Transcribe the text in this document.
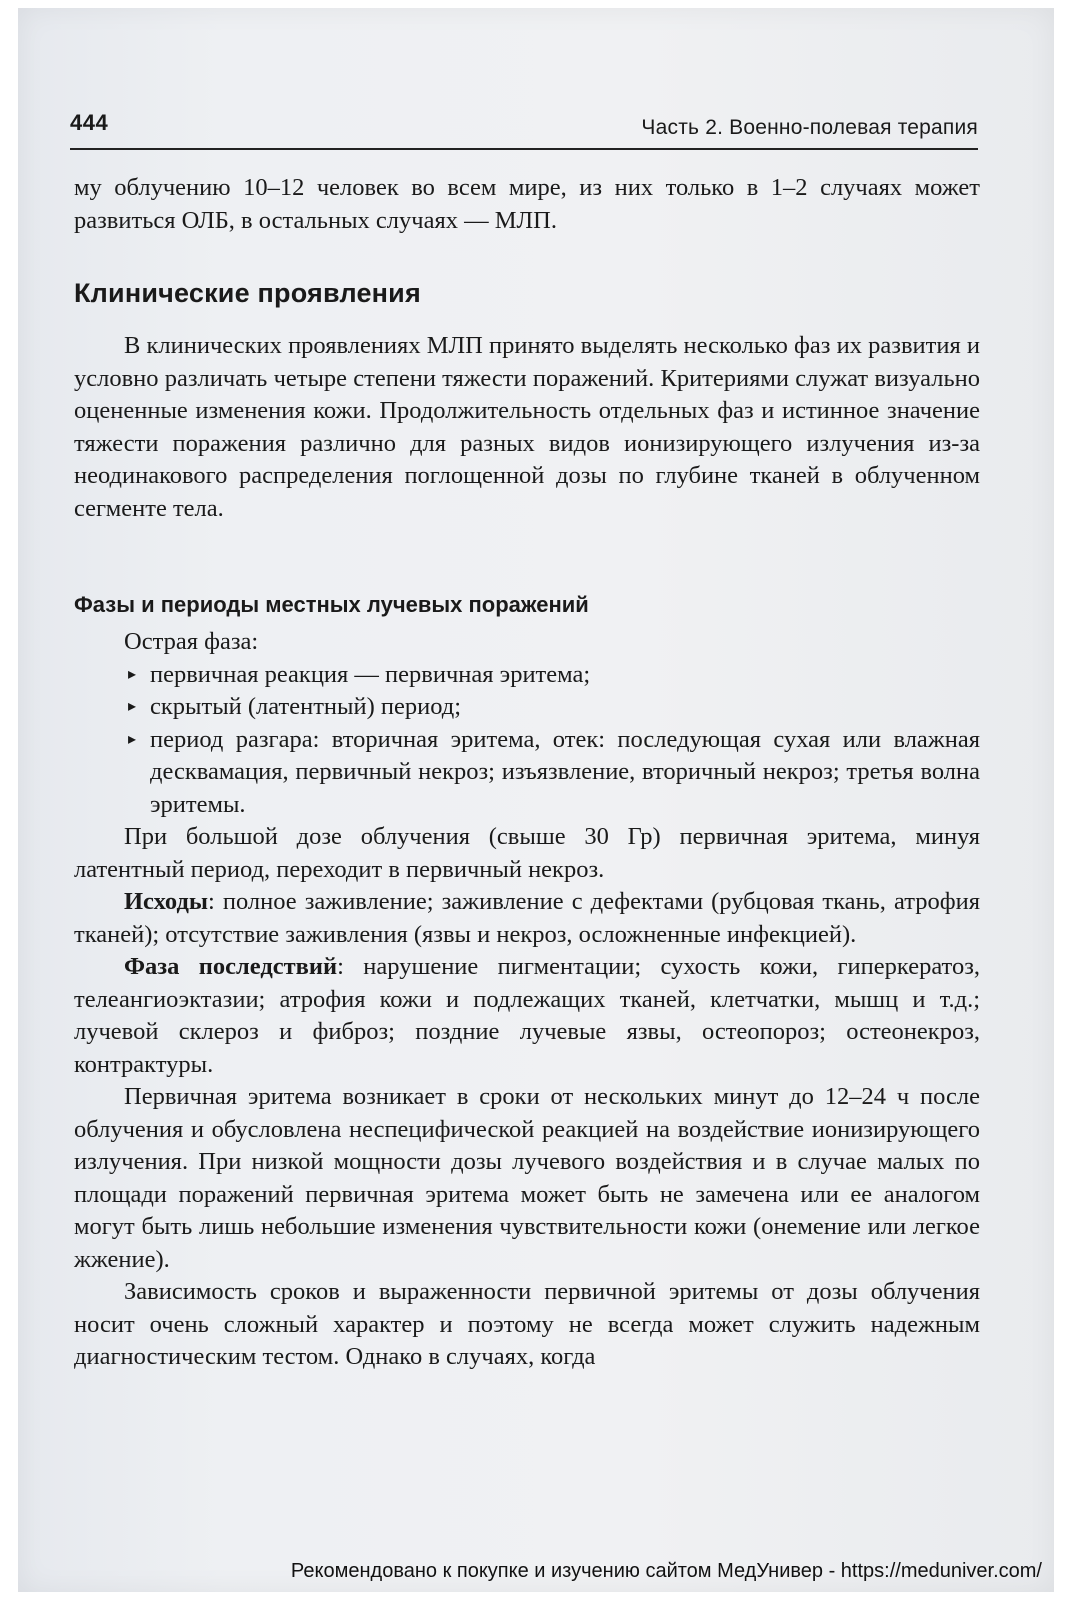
444	Часть 2. Военно-полевая терапия

му облучению 10–12 человек во всем мире, из них только в 1–2 случаях может развиться ОЛБ, в остальных случаях — МЛП.

Клинические проявления

В клинических проявлениях МЛП принято выделять несколько фаз их развития и условно различать четыре степени тяжести поражений. Критериями служат визуально оцененные изменения кожи. Продолжительность отдельных фаз и истинное значение тяжести поражения различно для разных видов ионизирующего излучения из-за неодинакового распределения поглощенной дозы по глубине тканей в облученном сегменте тела.

Фазы и периоды местных лучевых поражений

Острая фаза:

▸ первичная реакция — первичная эритема;
▸ скрытый (латентный) период;
▸ период разгара: вторичная эритема, отек: последующая сухая или влажная десквамация, первичный некроз; изъязвление, вторичный некроз; третья волна эритемы.

При большой дозе облучения (свыше 30 Гр) первичная эритема, минуя латентный период, переходит в первичный некроз.

Исходы: полное заживление; заживление с дефектами (рубцовая ткань, атрофия тканей); отсутствие заживления (язвы и некроз, осложненные инфекцией).

Фаза последствий: нарушение пигментации; сухость кожи, гиперкератоз, телеангиоэктазии; атрофия кожи и подлежащих тканей, клетчатки, мышц и т.д.; лучевой склероз и фиброз; поздние лучевые язвы, остеопороз; остеонекроз, контрактуры.

Первичная эритема возникает в сроки от нескольких минут до 12–24 ч после облучения и обусловлена неспецифической реакцией на воздействие ионизирующего излучения. При низкой мощности дозы лучевого воздействия и в случае малых по площади поражений первичная эритема может быть не замечена или ее аналогом могут быть лишь небольшие изменения чувствительности кожи (онемение или легкое жжение).

Зависимость сроков и выраженности первичной эритемы от дозы облучения носит очень сложный характер и поэтому не всегда может служить надежным диагностическим тестом. Однако в случаях, когда

Рекомендовано к покупке и изучению сайтом МедУнивер - https://meduniver.com/
